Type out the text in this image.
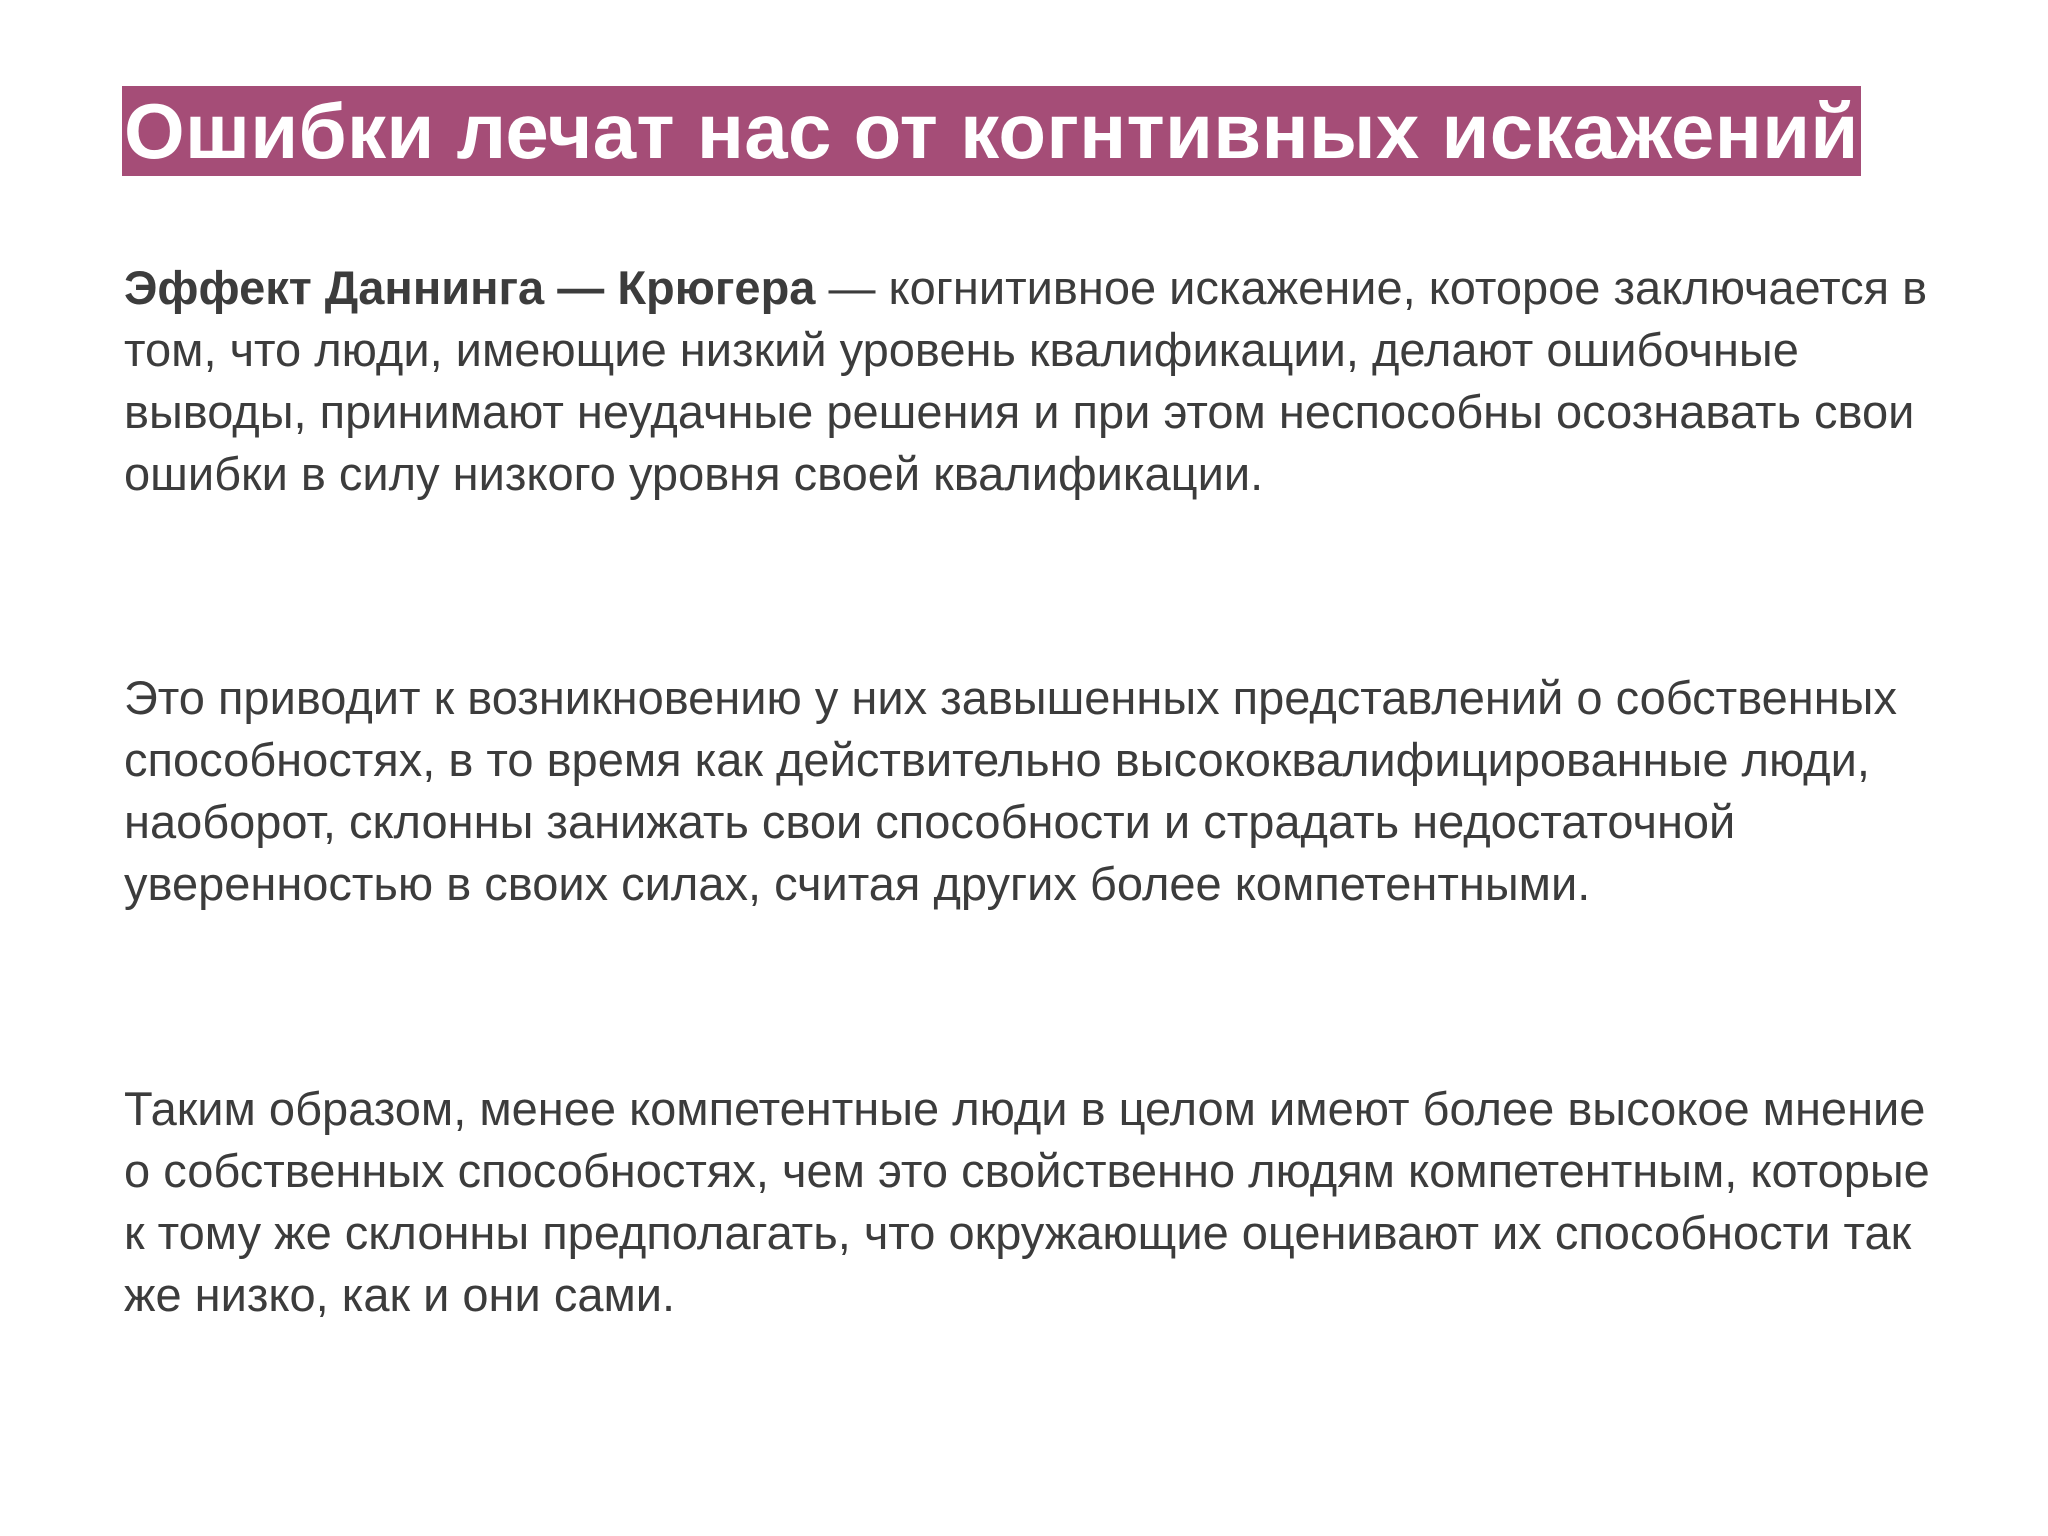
Ошибки лечат нас от когнтивных искажений

Эффект Даннинга — Крюгера — когнитивное искажение, которое заключается в том, что люди, имеющие низкий уровень квалификации, делают ошибочные выводы, принимают неудачные решения и при этом неспособны осознавать свои ошибки в силу низкого уровня своей квалификации.

Это приводит к возникновению у них завышенных представлений о собственных способностях, в то время как действительно высококвалифицированные люди, наоборот, склонны занижать свои способности и страдать недостаточной уверенностью в своих силах, считая других более компетентными.

Таким образом, менее компетентные люди в целом имеют более высокое мнение о собственных способностях, чем это свойственно людям компетентным, которые к тому же склонны предполагать, что окружающие оценивают их способности так же низко, как и они сами.
